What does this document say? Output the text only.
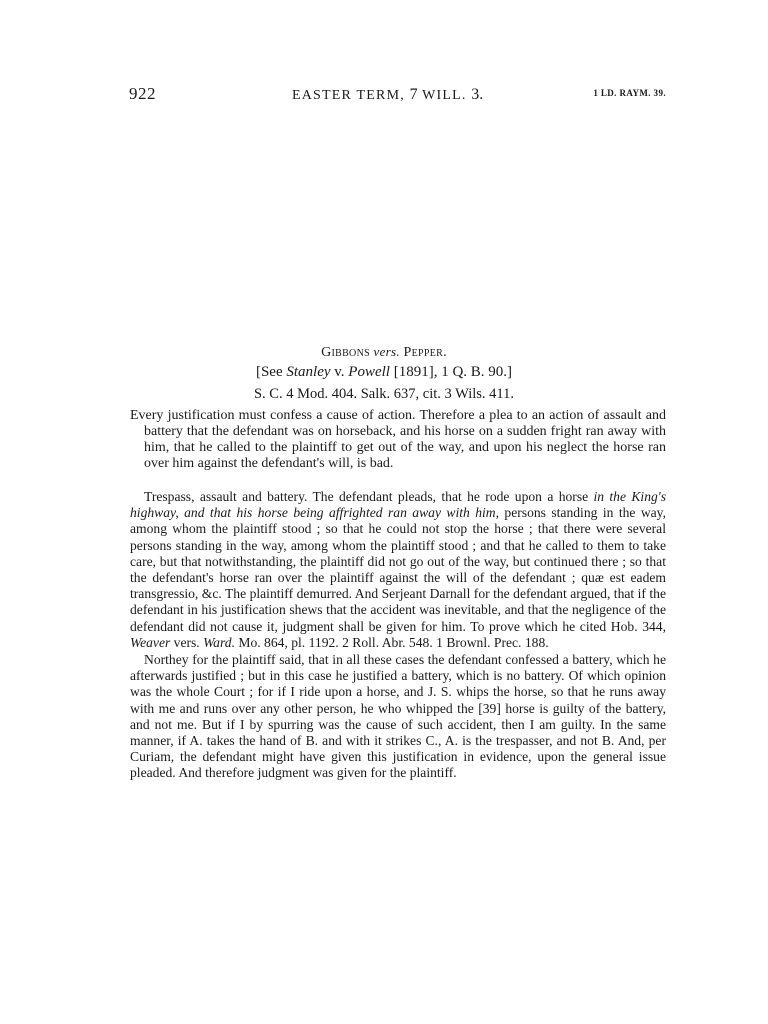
922	EASTER TERM, 7 WILL. 3.	1 LD. RAYM. 39.
Gibbons vers. Pepper.
[See Stanley v. Powell [1891], 1 Q. B. 90.]
S. C. 4 Mod. 404. Salk. 637, cit. 3 Wils. 411.

Every justification must confess a cause of action. Therefore a plea to an action of assault and battery that the defendant was on horseback, and his horse on a sudden fright ran away with him, that he called to the plaintiff to get out of the way, and upon his neglect the horse ran over him against the defendant's will, is bad.

Trespass, assault and battery. The defendant pleads, that he rode upon a horse in the King's highway, and that his horse being affrighted ran away with him, persons standing in the way, among whom the plaintiff stood ; so that he could not stop the horse ; that there were several persons standing in the way, among whom the plaintiff stood ; and that he called to them to take care, but that notwithstanding, the plaintiff did not go out of the way, but continued there ; so that the defendant's horse ran over the plaintiff against the will of the defendant ; quæ est eadem transgressio, &c. The plaintiff demurred. And Serjeant Darnall for the defendant argued, that if the defendant in his justification shews that the accident was inevitable, and that the negligence of the defendant did not cause it, judgment shall be given for him. To prove which he cited Hob. 344, Weaver vers. Ward. Mo. 864, pl. 1192. 2 Roll. Abr. 548. 1 Brownl. Prec. 188.

Northey for the plaintiff said, that in all these cases the defendant confessed a battery, which he afterwards justified ; but in this case he justified a battery, which is no battery. Of which opinion was the whole Court ; for if I ride upon a horse, and J. S. whips the horse, so that he runs away with me and runs over any other person, he who whipped the [39] horse is guilty of the battery, and not me. But if I by spurring was the cause of such accident, then I am guilty. In the same manner, if A. takes the hand of B. and with it strikes C., A. is the trespasser, and not B. And, per Curiam, the defendant might have given this justification in evidence, upon the general issue pleaded. And therefore judgment was given for the plaintiff.
